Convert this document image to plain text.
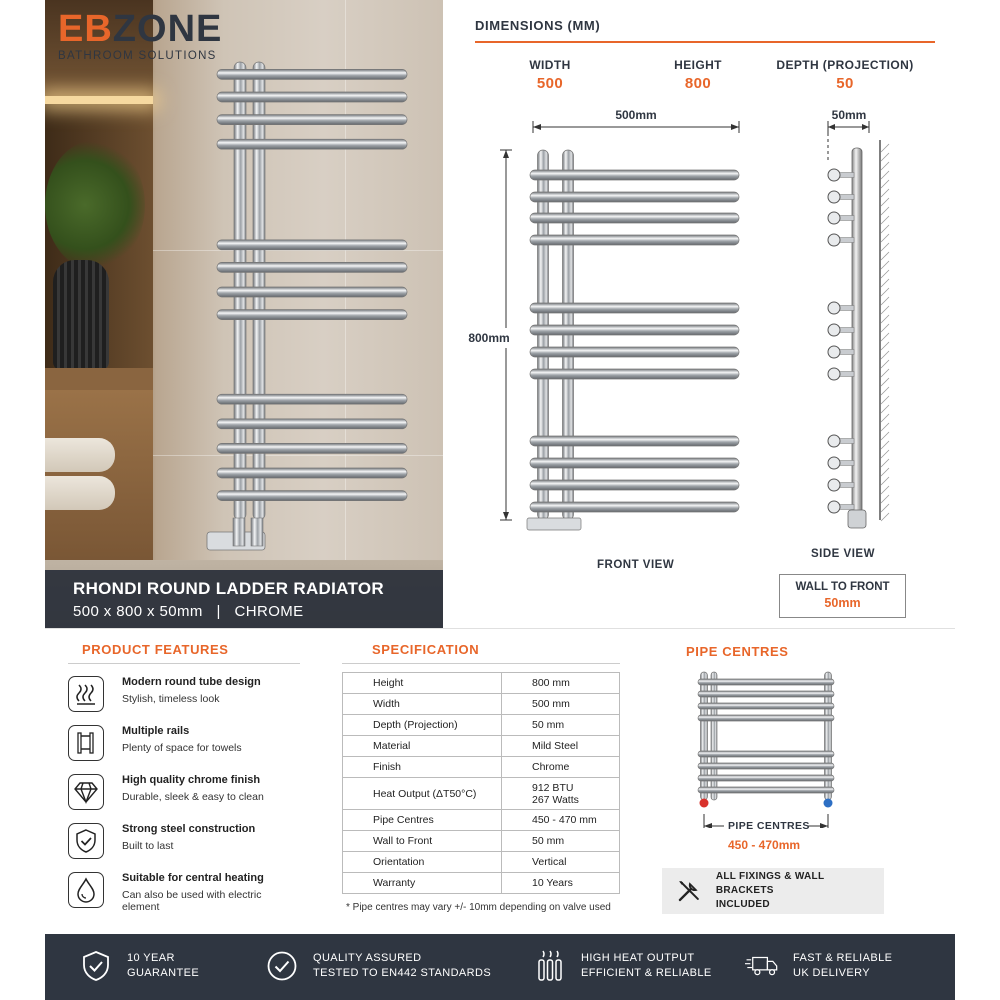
EBZONE
BATHROOM SOLUTIONS
RHONDI ROUND LADDER RADIATOR
500 x 800 x 50mm | CHROME
DIMENSIONS (MM)
WIDTH
500
HEIGHT
800
DEPTH (PROJECTION)
50
500mm
800mm
FRONT VIEW
50mm
SIDE VIEW
WALL TO FRONT
50mm
PRODUCT FEATURES
Modern round tube design
Stylish, timeless look
Multiple rails
Plenty of space for towels
High quality chrome finish
Durable, sleek & easy to clean
Strong steel construction
Built to last
Suitable for central heating
Can also be used with electric element
SPECIFICATION
Height	800 mm

Width	500 mm

Depth (Projection)	50 mm

Material	Mild Steel

Finish	Chrome

Heat Output (ΔT50°C)	912 BTU
267 Watts

Pipe Centres	450 - 470 mm

Wall to Front	50 mm

Orientation	Vertical

Warranty	10 Years
* Pipe centres may vary +/- 10mm depending on valve used
PIPE CENTRES
PIPE CENTRES
450 - 470mm
ALL FIXINGS & WALL BRACKETS
INCLUDED
10 YEAR
GUARANTEE
QUALITY ASSURED
TESTED TO EN442 STANDARDS
HIGH HEAT OUTPUT
EFFICIENT & RELIABLE
FAST & RELIABLE
UK DELIVERY
